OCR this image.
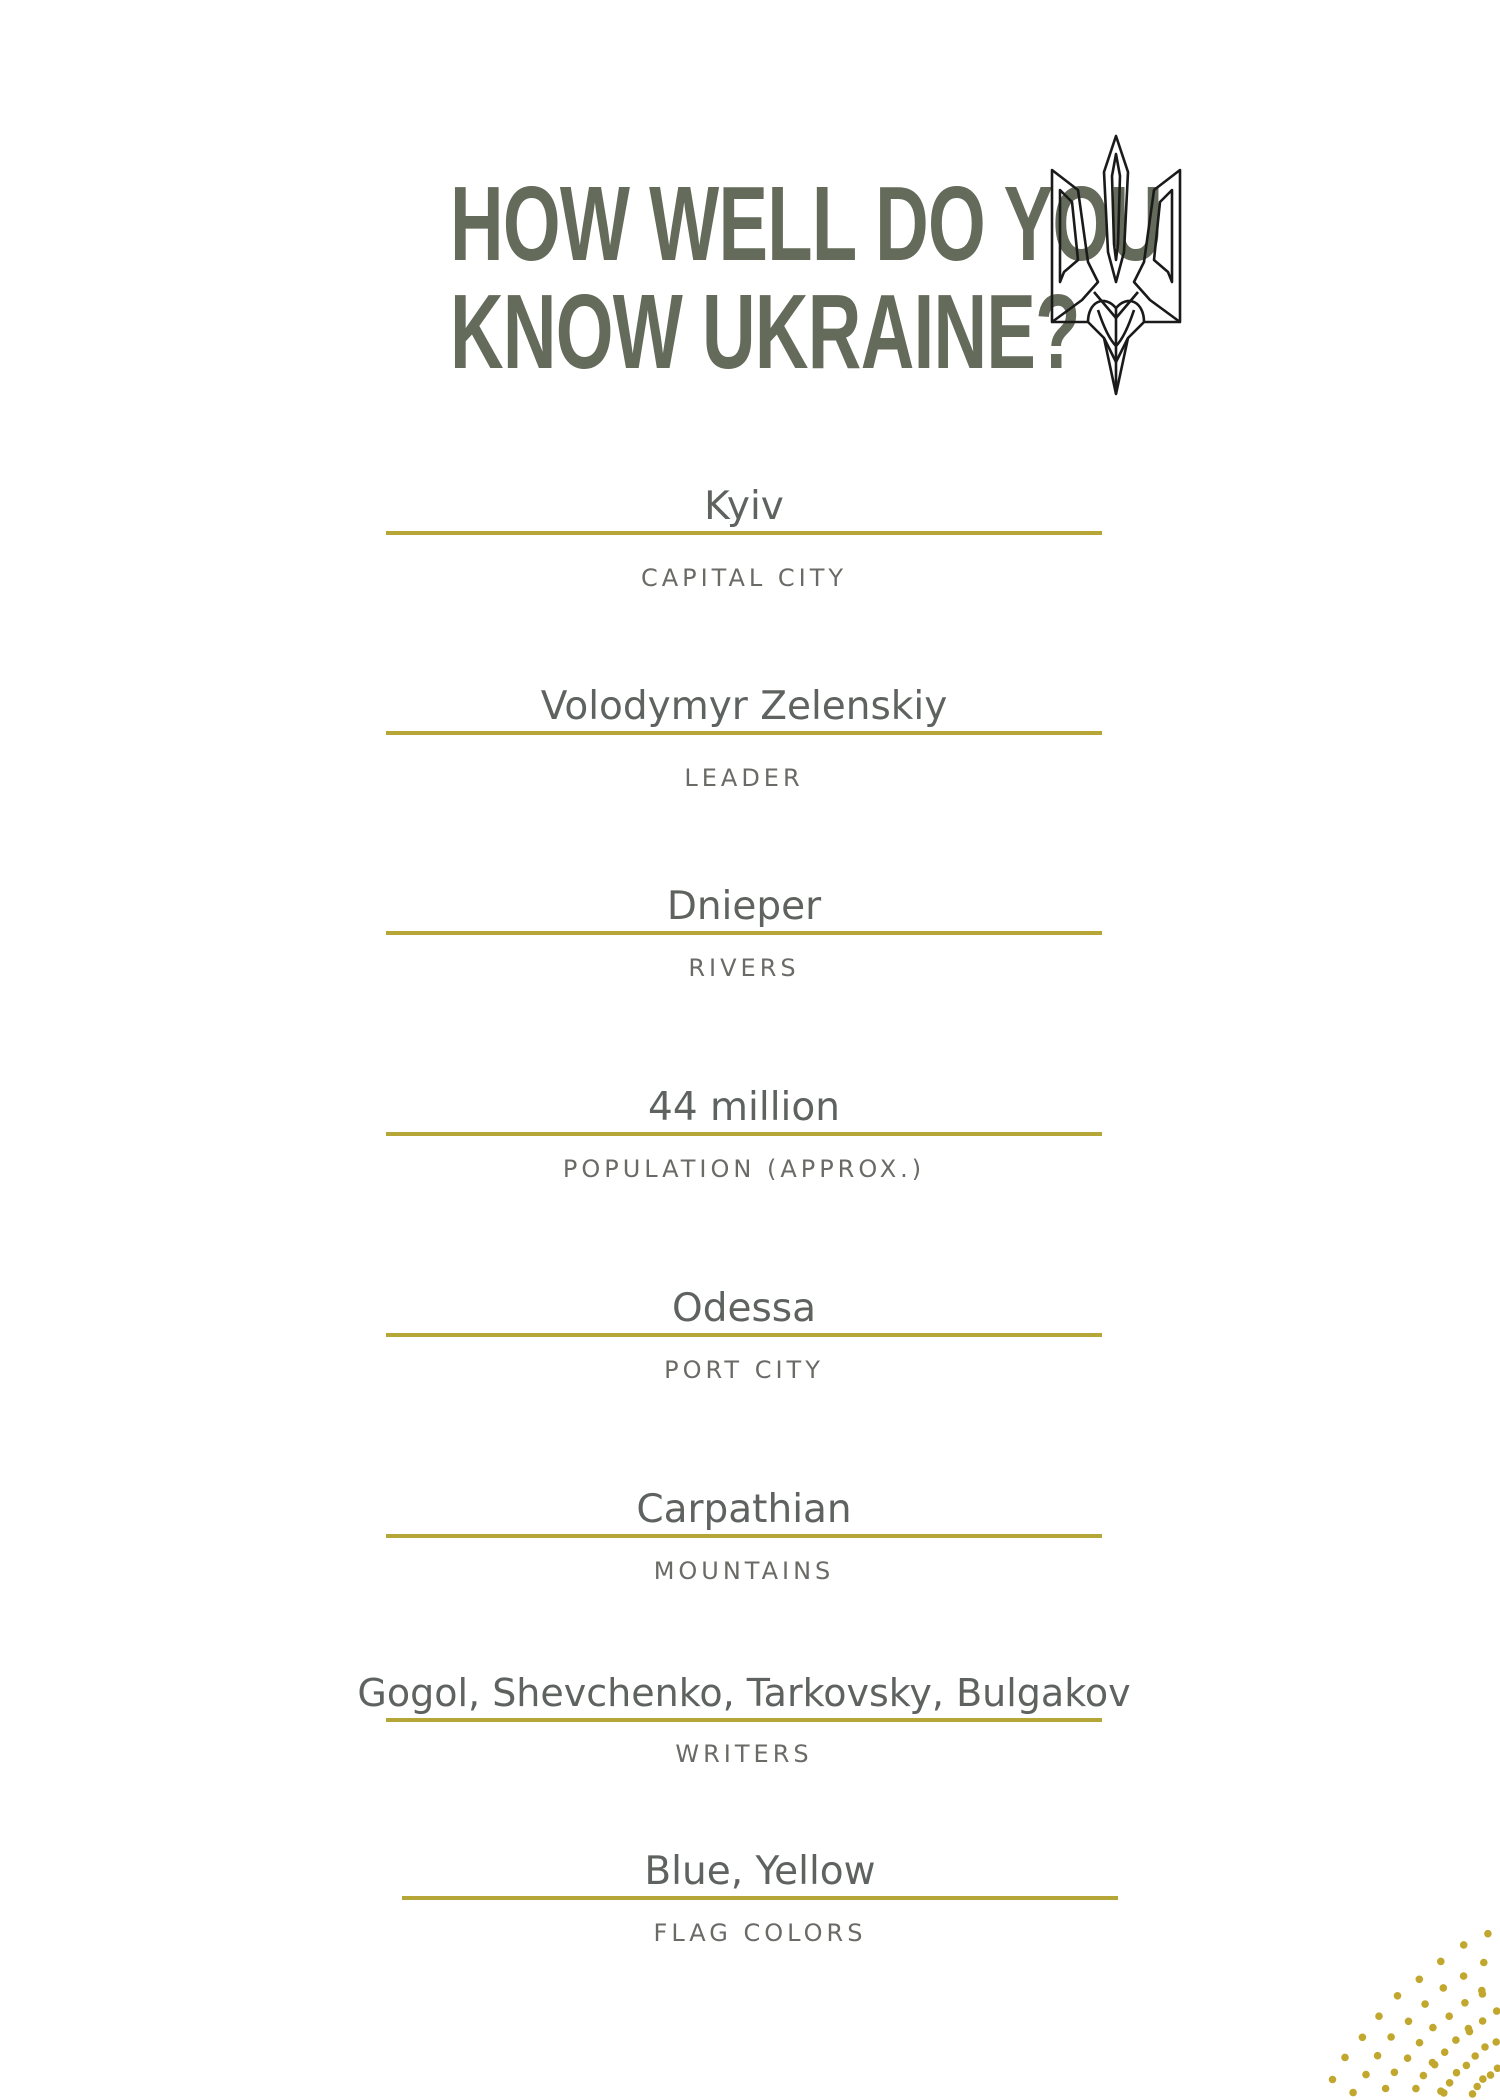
HOW WELL DO YOU
KNOW UKRAINE?
Kyiv
CAPITAL CITY
Volodymyr Zelenskiy
LEADER
Dnieper
RIVERS
44 million
POPULATION (APPROX.)
Odessa
PORT CITY
Carpathian
MOUNTAINS
Gogol, Shevchenko, Tarkovsky, Bulgakov
WRITERS
Blue, Yellow
FLAG COLORS
